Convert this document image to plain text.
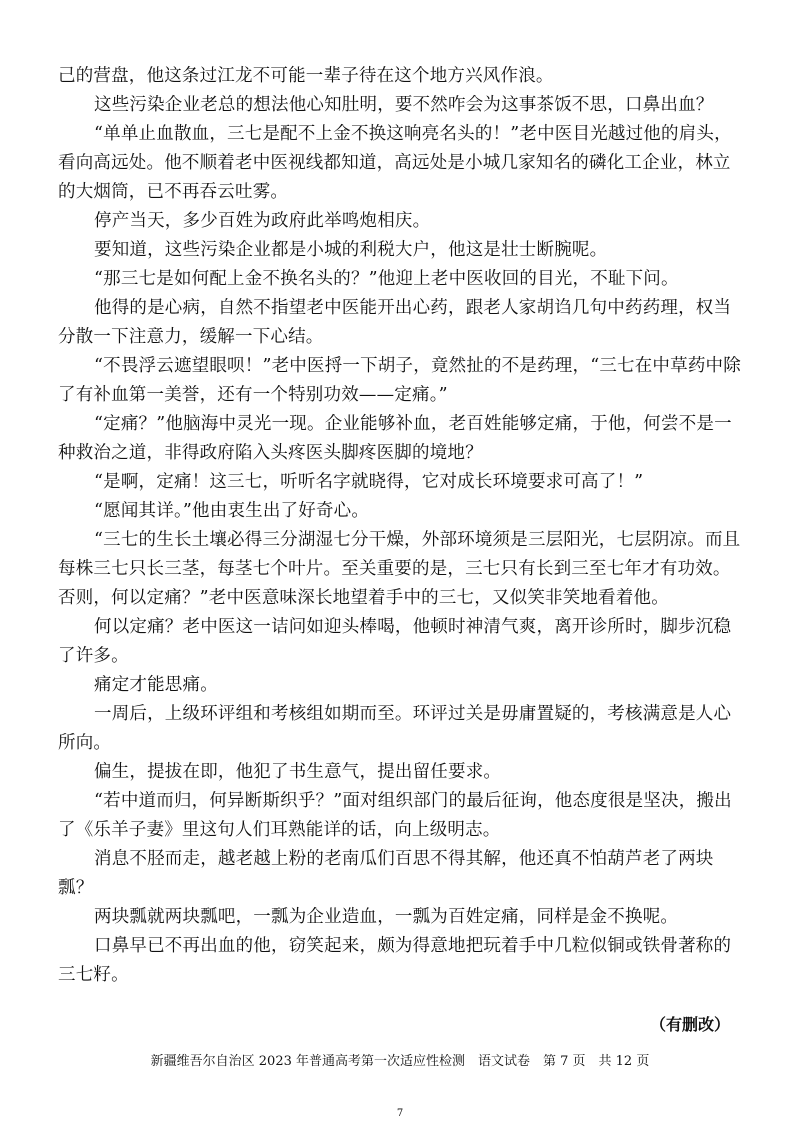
己的营盘，他这条过江龙不可能一辈子待在这个地方兴风作浪。

这些污染企业老总的想法他心知肚明，要不然咋会为这事茶饭不思，口鼻出血？

“单单止血散血，三七是配不上金不换这响亮名头的！”老中医目光越过他的肩头，看向高远处。他不顺着老中医视线都知道，高远处是小城几家知名的磷化工企业，林立的大烟筒，已不再吞云吐雾。

停产当天，多少百姓为政府此举鸣炮相庆。

要知道，这些污染企业都是小城的利税大户，他这是壮士断腕呢。

“那三七是如何配上金不换名头的？”他迎上老中医收回的目光，不耻下问。

他得的是心病，自然不指望老中医能开出心药，跟老人家胡诌几句中药药理，权当分散一下注意力，缓解一下心结。

“不畏浮云遮望眼呗！”老中医捋一下胡子，竟然扯的不是药理，“三七在中草药中除了有补血第一美誉，还有一个特别功效——定痛。”

“定痛？”他脑海中灵光一现。企业能够补血，老百姓能够定痛，于他，何尝不是一种救治之道，非得政府陷入头疼医头脚疼医脚的境地？

“是啊，定痛！这三七，听听名字就晓得，它对成长环境要求可高了！”

“愿闻其详。”他由衷生出了好奇心。

“三七的生长土壤必得三分湖湿七分干燥，外部环境须是三层阳光，七层阴凉。而且每株三七只长三茎，每茎七个叶片。至关重要的是，三七只有长到三至七年才有功效。否则，何以定痛？”老中医意味深长地望着手中的三七，又似笑非笑地看着他。

何以定痛？老中医这一诘问如迎头棒喝，他顿时神清气爽，离开诊所时，脚步沉稳了许多。

痛定才能思痛。

一周后，上级环评组和考核组如期而至。环评过关是毋庸置疑的，考核满意是人心所向。

偏生，提拔在即，他犯了书生意气，提出留任要求。

“若中道而归，何异断斯织乎？”面对组织部门的最后征询，他态度很是坚决，搬出了《乐羊子妻》里这句人们耳熟能详的话，向上级明志。

（有删改）

新疆维吾尔自治区 2023 年普通高考第一次适应性检测　语文试卷　第 7 页　共 12 页

7

消息不胫而走，越老越上粉的老南瓜们百思不得其解，他还真不怕葫芦老了两块瓢？

两块瓢就两块瓢吧，一瓢为企业造血，一瓢为百姓定痛，同样是金不换呢。

口鼻早已不再出血的他，窃笑起来，颇为得意地把玩着手中几粒似铜或铁骨著称的三七籽。
